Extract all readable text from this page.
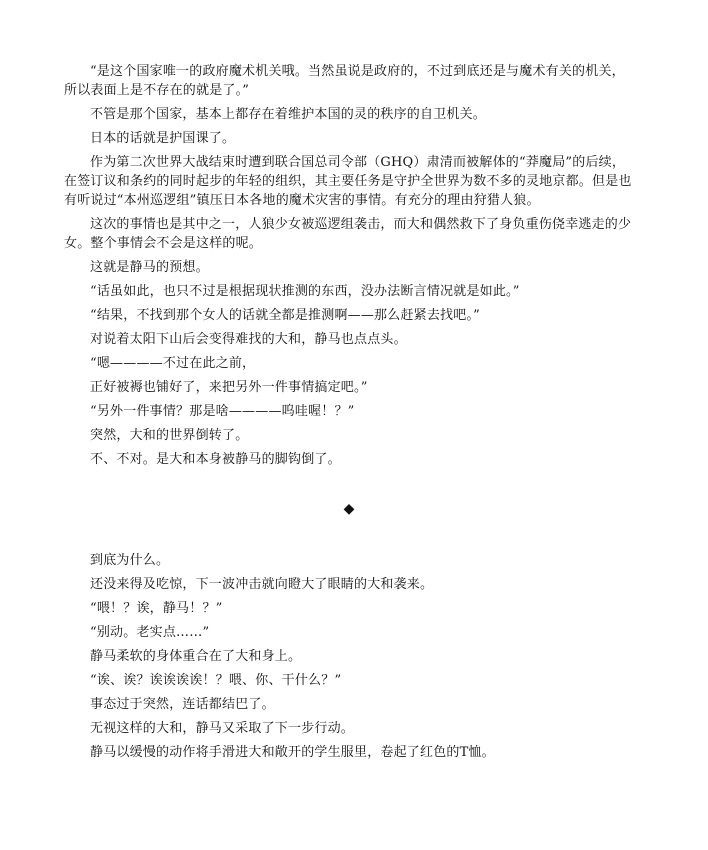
“是这个国家唯一的政府魔术机关哦。当然虽说是政府的，不过到底还是与魔术有关的机关，所以表面上是不存在的就是了。”

不管是那个国家，基本上都存在着维护本国的灵的秩序的自卫机关。

日本的话就是护国课了。

作为第二次世界大战结束时遭到联合国总司令部（GHQ）肃清而被解体的“莽魔局”的后续，在签订议和条约的同时起步的年轻的组织，其主要任务是守护全世界为数不多的灵地京都。但是也有听说过“本州巡逻组”镇压日本各地的魔术灾害的事情。有充分的理由狩猎人狼。

这次的事情也是其中之一，人狼少女被巡逻组袭击，而大和偶然救下了身负重伤侥幸逃走的少女。整个事情会不会是这样的呢。

这就是静马的预想。

“话虽如此，也只不过是根据现状推测的东西，没办法断言情况就是如此。”

“结果，不找到那个女人的话就全都是推测啊——那么赶紧去找吧。”

对说着太阳下山后会变得难找的大和，静马也点点头。

“嗯————不过在此之前，

正好被褥也铺好了，来把另外一件事情搞定吧。”

“另外一件事情？那是啥————呜哇喔！？”

突然，大和的世界倒转了。

不、不对。是大和本身被静马的脚钩倒了。

◆

到底为什么。

还没来得及吃惊，下一波冲击就向瞪大了眼睛的大和袭来。

“喂！？诶，静马！？”

“别动。老实点……”

静马柔软的身体重合在了大和身上。

“诶、诶？诶诶诶诶！？喂、你、干什么？”

事态过于突然，连话都结巴了。

无视这样的大和，静马又采取了下一步行动。

静马以缓慢的动作将手滑进大和敞开的学生服里，卷起了红色的T恤。
